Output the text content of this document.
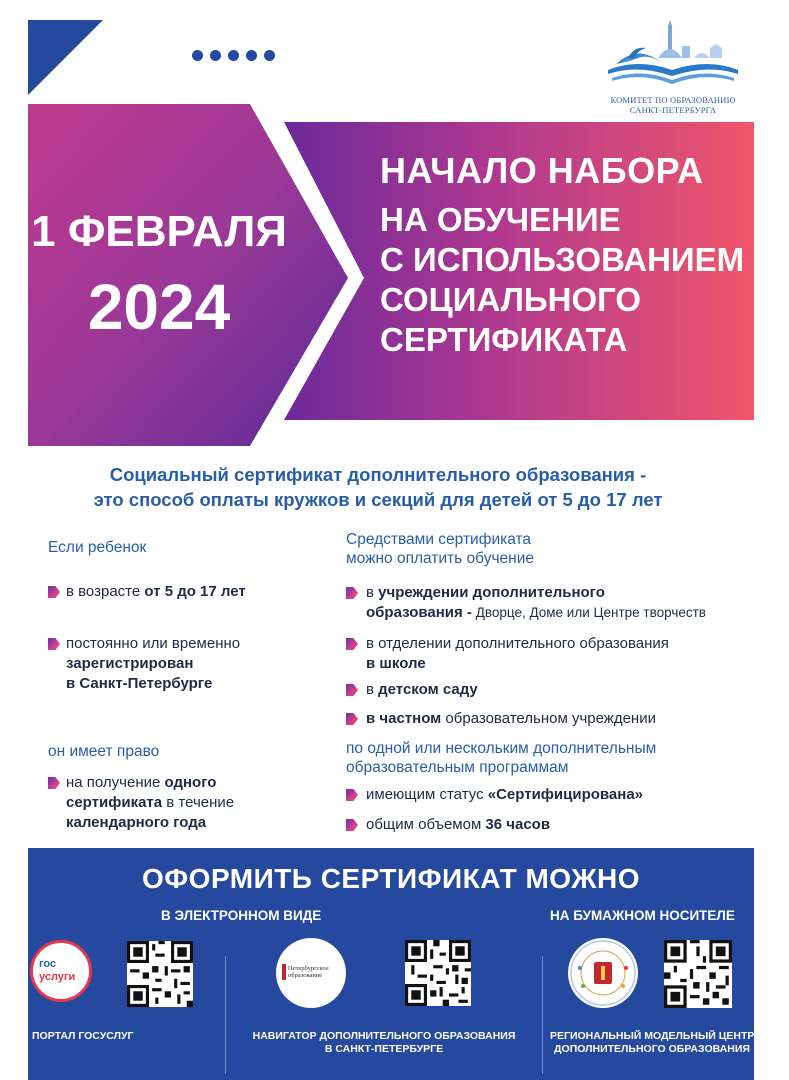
КОМИТЕТ ПО ОБРАЗОВАНИЮ
САНКТ-ПЕТЕРБУРГА
1 ФЕВРАЛЯ
2024
НАЧАЛО НАБОРА
НА ОБУЧЕНИЕ
С ИСПОЛЬЗОВАНИЕМ
СОЦИАЛЬНОГО
СЕРТИФИКАТА
Социальный сертификат дополнительного образования -
это способ оплаты кружков и секций для детей от 5 до 17 лет
Если ребенок
в возрасте от 5 до 17 лет
постоянно или временно
зарегистрирован
в Санкт-Петербурге
он имеет право
на получение одного
сертификата в течение
календарного года
Средствами сертификата
можно оплатить обучение
в учреждении дополнительного
образования - Дворце, Доме или Центре творчеств
в отделении дополнительного образования
в школе
в детском саду
в частном образовательном учреждении
по одной или нескольким дополнительным
образовательным программам
имеющим статус «Сертифицирована»
общим объемом 36 часов
ОФОРМИТЬ СЕРТИФИКАТ МОЖНО
В ЭЛЕКТРОННОМ ВИДЕ	НА БУМАЖНОМ НОСИТЕЛЕ
гос
услуги
ПОРТАЛ ГОСУСЛУГ
Петербургское
образование
НАВИГАТОР ДОПОЛНИТЕЛЬНОГО ОБРАЗОВАНИЯ
В САНКТ-ПЕТЕРБУРГЕ
РЕГИОНАЛЬНЫЙ МОДЕЛЬНЫЙ ЦЕНТР
ДОПОЛНИТЕЛЬНОГО ОБРАЗОВАНИЯ
